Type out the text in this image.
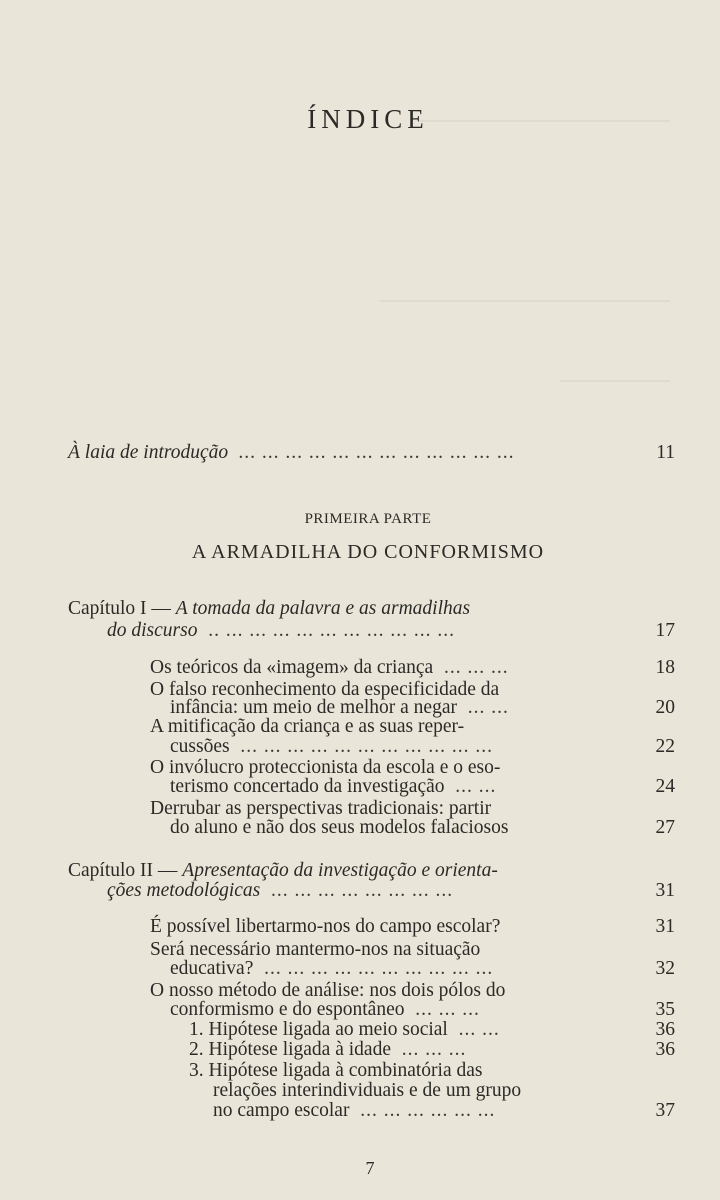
ÍNDICE
À laia de introdução  ... ... ... ... ... ... ... ... ... ... ... ...	11
PRIMEIRA PARTE
A ARMADILHA DO CONFORMISMO
Capítulo I — A tomada da palavra e as armadilhas
do discurso  .. ... ... ... ... ... ... ... ... ... ...	17
Os teóricos da «imagem» da criança  ... ... ...	18
O falso reconhecimento da especificidade da
infância: um meio de melhor a negar  ... ...	20
A mitificação da criança e as suas reper-
cussões  ... ... ... ... ... ... ... ... ... ... ...	22
O invólucro proteccionista da escola e o eso-
terismo concertado da investigação  ... ...	24
Derrubar as perspectivas tradicionais: partir
do aluno e não dos seus modelos falaciosos	27
Capítulo II — Apresentação da investigação e orienta-
ções metodológicas  ... ... ... ... ... ... ... ...	31
É possível libertarmo-nos do campo escolar?	31
Será necessário mantermo-nos na situação
educativa?  ... ... ... ... ... ... ... ... ... ...	32
O nosso método de análise: nos dois pólos do
conformismo e do espontâneo  ... ... ...	35
1. Hipótese ligada ao meio social  ... ...	36
2. Hipótese ligada à idade  ... ... ...	36
3. Hipótese ligada à combinatória das
relações interindividuais e de um grupo
no campo escolar  ... ... ... ... ... ...	37
7
